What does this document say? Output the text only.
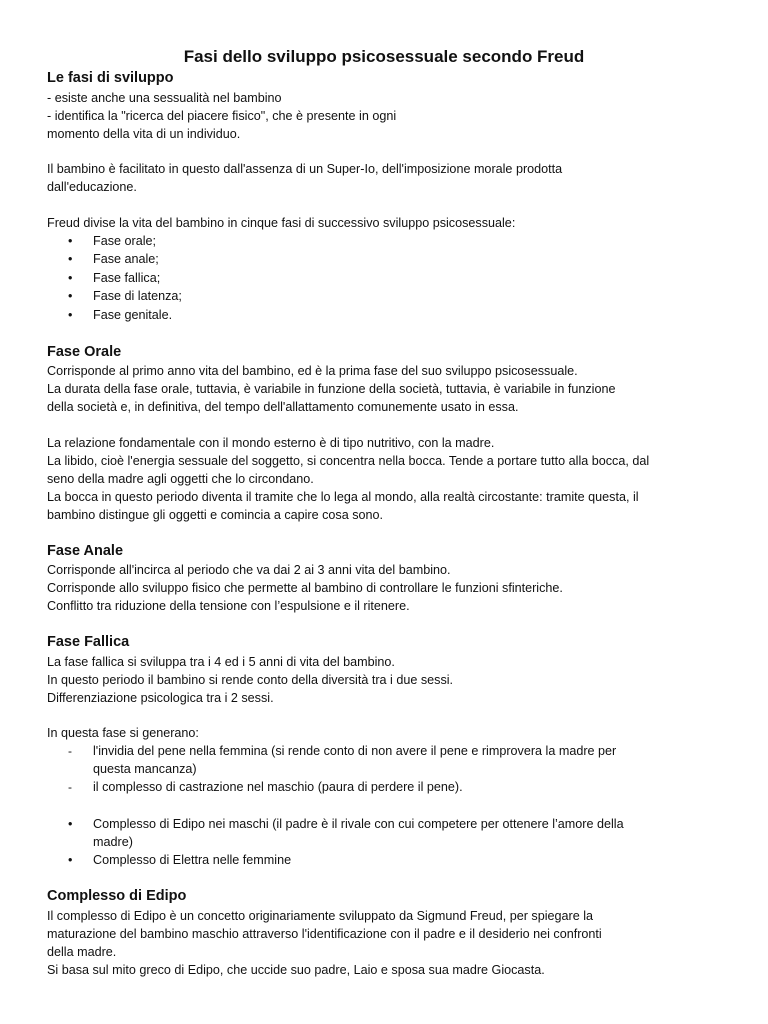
Fasi dello sviluppo psicosessuale secondo Freud
Le fasi di sviluppo
- esiste anche una sessualità nel bambino
- identifica la "ricerca del piacere fisico", che è presente in ogni
momento della vita di un individuo.
Il bambino è facilitato in questo dall'assenza di un Super-Io, dell'imposizione morale prodotta
dall'educazione.
Freud divise la vita del bambino in cinque fasi di successivo sviluppo psicosessuale:
• Fase orale;
• Fase anale;
• Fase fallica;
• Fase di latenza;
• Fase genitale.
Fase Orale
Corrisponde al primo anno vita del bambino, ed è la prima fase del suo sviluppo psicosessuale.
La durata della fase orale, tuttavia, è variabile in funzione della società, tuttavia, è variabile in funzione
della società e, in definitiva, del tempo dell'allattamento comunemente usato in essa.
La relazione fondamentale con il mondo esterno è di tipo nutritivo, con la madre.
La libido, cioè l'energia sessuale del soggetto, si concentra nella bocca. Tende a portare tutto alla bocca, dal
seno della madre agli oggetti che lo circondano.
La bocca in questo periodo diventa il tramite che lo lega al mondo, alla realtà circostante: tramite questa, il
bambino distingue gli oggetti e comincia a capire cosa sono.
Fase Anale
Corrisponde all'incirca al periodo che va dai 2 ai 3 anni vita del bambino.
Corrisponde allo sviluppo fisico che permette al bambino di controllare le funzioni sfinteriche.
Conflitto tra riduzione della tensione con l’espulsione e il ritenere.
Fase Fallica
La fase fallica si sviluppa tra i 4 ed i 5 anni di vita del bambino.
In questo periodo il bambino si rende conto della diversità tra i due sessi.
Differenziazione psicologica tra i 2 sessi.
In questa fase si generano:
- l'invidia del pene nella femmina (si rende conto di non avere il pene e rimprovera la madre per
questa mancanza)
- il complesso di castrazione nel maschio (paura di perdere il pene).
• Complesso di Edipo nei maschi (il padre è il rivale con cui competere per ottenere l’amore della
madre)
• Complesso di Elettra nelle femmine
Complesso di Edipo
Il complesso di Edipo è un concetto originariamente sviluppato da Sigmund Freud, per spiegare la
maturazione del bambino maschio attraverso l'identificazione con il padre e il desiderio nei confronti
della madre.
Si basa sul mito greco di Edipo, che uccide suo padre, Laio e sposa sua madre Giocasta.
